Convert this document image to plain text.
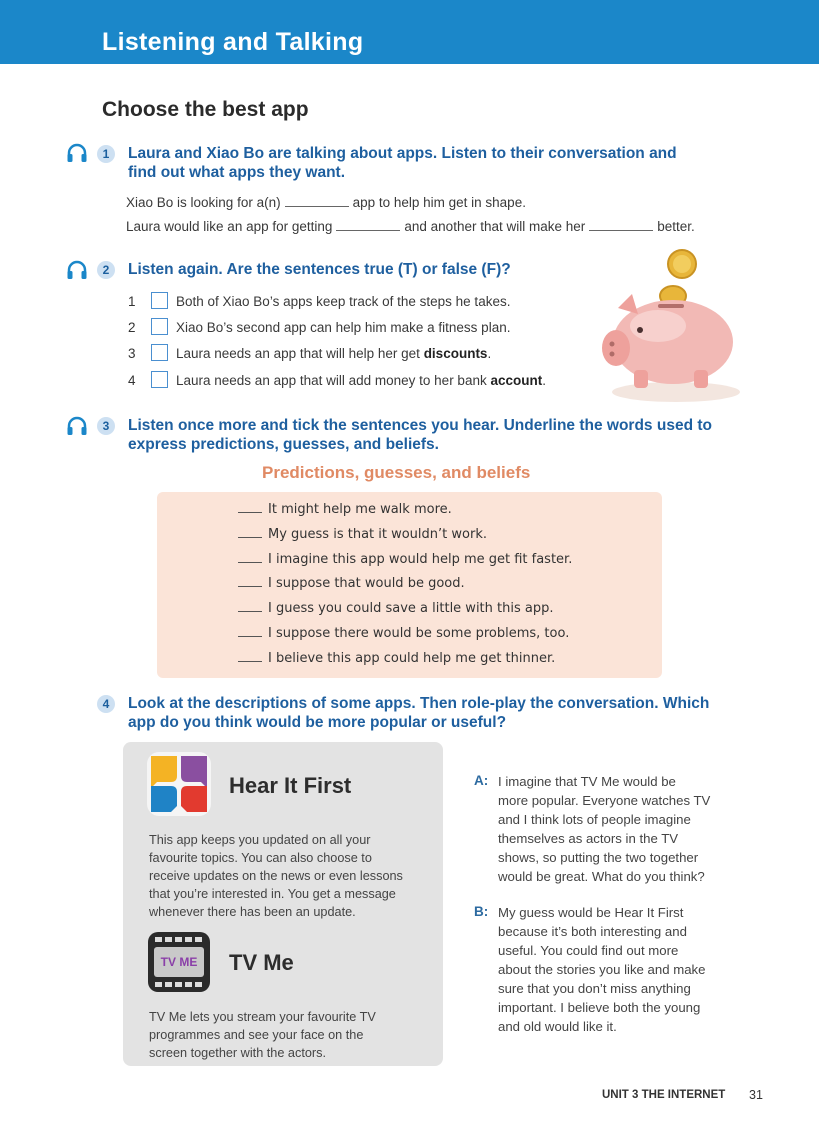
Listening and Talking
Choose the best app
1	Laura and Xiao Bo are talking about apps. Listen to their conversation and
find out what apps they want.
Xiao Bo is looking for a(n)	app to help him get in shape.
Laura would like an app for getting	and another that will make her	better.
2	Listen again. Are the sentences true (T) or false (F)?
1	Both of Xiao Bo’s apps keep track of the steps he takes.
2	Xiao Bo’s second app can help him make a fitness plan.
3	Laura needs an app that will help her get discounts.
4	Laura needs an app that will add money to her bank account.
3	Listen once more and tick the sentences you hear. Underline the words used to
express predictions, guesses, and beliefs.
Predictions, guesses, and beliefs
It might help me walk more.
My guess is that it wouldn’t work.
I imagine this app would help me get fit faster.
I suppose that would be good.
I guess you could save a little with this app.
I suppose there would be some problems, too.
I believe this app could help me get thinner.
4	Look at the descriptions of some apps. Then role-play the conversation. Which
app do you think would be more popular or useful?
Hear It First
This app keeps you updated on all your
favourite topics. You can also choose to
receive updates on the news or even lessons
that you’re interested in. You get a message
whenever there has been an update.
TV ME	TV Me
TV Me lets you stream your favourite TV
programmes and see your face on the
screen together with the actors.
A: I imagine that TV Me would be
more popular. Everyone watches TV
and I think lots of people imagine
themselves as actors in the TV
shows, so putting the two together
would be great. What do you think?
B: My guess would be Hear It First
because it’s both interesting and
useful. You could find out more
about the stories you like and make
sure that you don’t miss anything
important. I believe both the young
and old would like it.
UNIT 3 THE INTERNET 31
